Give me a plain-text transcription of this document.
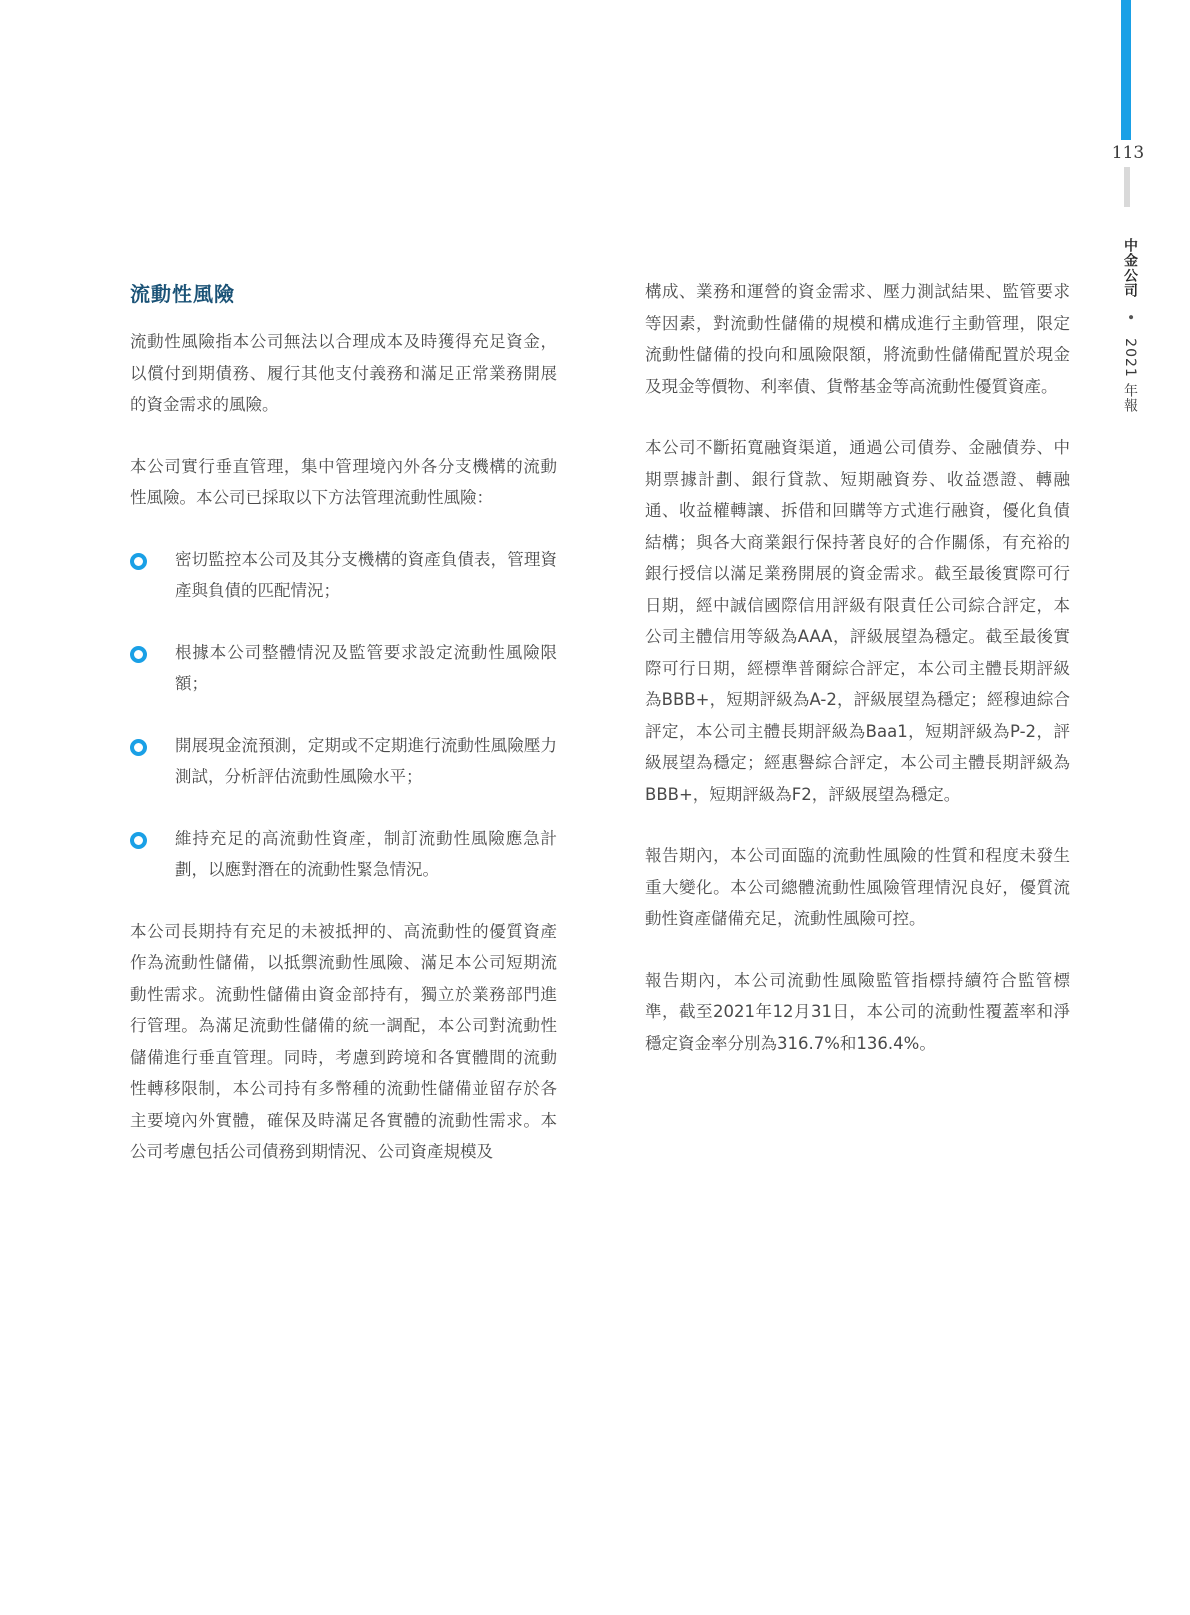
113
中金公司 • 2021 年報
流動性風險

流動性風險指本公司無法以合理成本及時獲得充足資金，以償付到期債務、履行其他支付義務和滿足正常業務開展的資金需求的風險。

本公司實行垂直管理，集中管理境內外各分支機構的流動性風險。本公司已採取以下方法管理流動性風險：

密切監控本公司及其分支機構的資產負債表，管理資產與負債的匹配情況；
根據本公司整體情況及監管要求設定流動性風險限額；
開展現金流預測，定期或不定期進行流動性風險壓力測試，分析評估流動性風險水平；
維持充足的高流動性資產，制訂流動性風險應急計劃，以應對潛在的流動性緊急情況。

本公司長期持有充足的未被抵押的、高流動性的優質資產作為流動性儲備，以抵禦流動性風險、滿足本公司短期流動性需求。流動性儲備由資金部持有，獨立於業務部門進行管理。為滿足流動性儲備的統一調配，本公司對流動性儲備進行垂直管理。同時，考慮到跨境和各實體間的流動性轉移限制，本公司持有多幣種的流動性儲備並留存於各主要境內外實體，確保及時滿足各實體的流動性需求。本公司考慮包括公司債務到期情況、公司資產規模及

構成、業務和運營的資金需求、壓力測試結果、監管要求等因素，對流動性儲備的規模和構成進行主動管理，限定流動性儲備的投向和風險限額，將流動性儲備配置於現金及現金等價物、利率債、貨幣基金等高流動性優質資產。

本公司不斷拓寬融資渠道，通過公司債券、金融債券、中期票據計劃、銀行貸款、短期融資券、收益憑證、轉融通、收益權轉讓、拆借和回購等方式進行融資，優化負債結構；與各大商業銀行保持著良好的合作關係，有充裕的銀行授信以滿足業務開展的資金需求。截至最後實際可行日期，經中誠信國際信用評級有限責任公司綜合評定，本公司主體信用等級為AAA，評級展望為穩定。截至最後實際可行日期，經標準普爾綜合評定，本公司主體長期評級為BBB+，短期評級為A-2，評級展望為穩定；經穆迪綜合評定，本公司主體長期評級為Baa1，短期評級為P-2，評級展望為穩定；經惠譽綜合評定，本公司主體長期評級為BBB+，短期評級為F2，評級展望為穩定。

報告期內，本公司面臨的流動性風險的性質和程度未發生重大變化。本公司總體流動性風險管理情況良好，優質流動性資產儲備充足，流動性風險可控。

報告期內，本公司流動性風險監管指標持續符合監管標準，截至2021年12月31日，本公司的流動性覆蓋率和淨穩定資金率分別為316.7%和136.4%。
